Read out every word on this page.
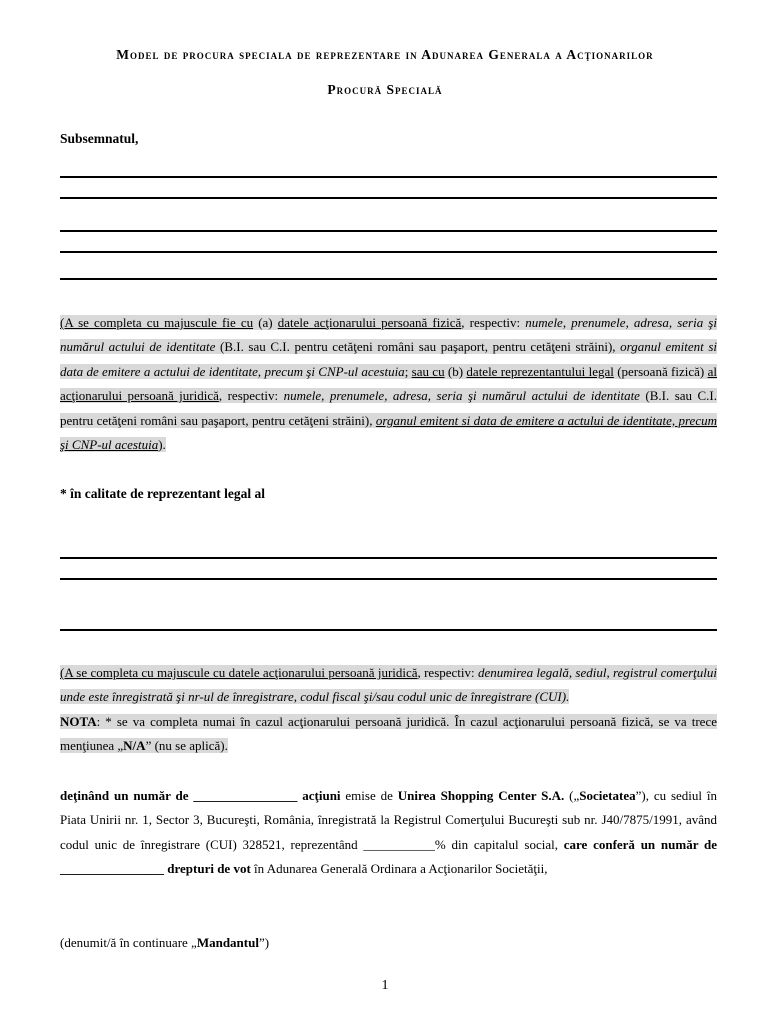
Model de procura speciala de reprezentare in Adunarea Generala a Acţionarilor
Procură Specială
Subsemnatul,
(A se completa cu majuscule fie cu (a) datele acţionarului persoană fizică, respectiv: numele, prenumele, adresa, seria şi numărul actului de identitate (B.I. sau C.I. pentru cetăţeni români sau paşaport, pentru cetăţeni străini), organul emitent si data de emitere a actului de identitate, precum şi CNP-ul acestuia; sau cu (b) datele reprezentantului legal (persoană fizică) al acţionarului persoană juridică, respectiv: numele, prenumele, adresa, seria şi numărul actului de identitate (B.I. sau C.I. pentru cetăţeni români sau paşaport, pentru cetăţeni străini), organul emitent si data de emitere a actului de identitate, precum şi CNP-ul acestuia).
* în calitate de reprezentant legal al
(A se completa cu majuscule cu datele acţionarului persoană juridică, respectiv: denumirea legală, sediul, registrul comerţului unde este înregistrată şi nr-ul de înregistrare, codul fiscal şi/sau codul unic de înregistrare (CUI).
NOTA: * se va completa numai în cazul acţionarului persoană juridică. În cazul acţionarului persoană fizică, se va trece menţiunea „N/A” (nu se aplică).
deţinând un număr de ________________ acţiuni emise de Unirea Shopping Center S.A. („Societatea”), cu sediul în Piata Unirii nr. 1, Sector 3, Bucureşti, România, înregistrată la Registrul Comerţului Bucureşti sub nr. J40/7875/1991, având codul unic de înregistrare (CUI) 328521, reprezentând ___________% din capitalul social, care conferă un număr de ________________ drepturi de vot în Adunarea Generală Ordinara a Acţionarilor Societăţii,
(denumit/ă în continuare „Mandantul”)
1
